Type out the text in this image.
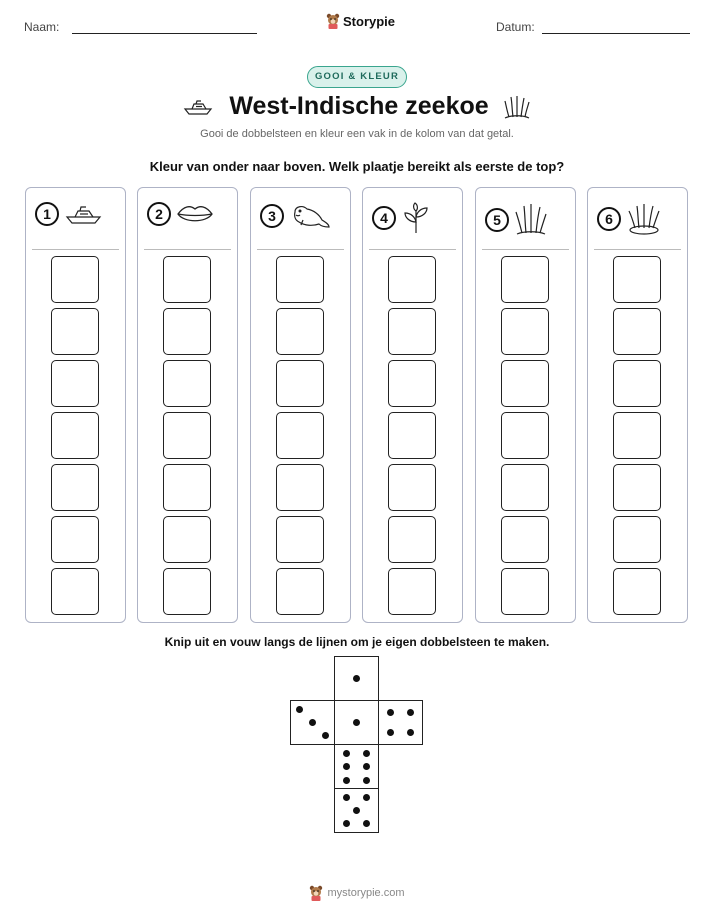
Naam:	Storypie	Datum:
GOOI & KLEUR
West-Indische zeekoe
Gooi de dobbelsteen en kleur een vak in de kolom van dat getal.
Kleur van onder naar boven. Welk plaatje bereikt als eerste de top?
1	2	3	4	5	6
Knip uit en vouw langs de lijnen om je eigen dobbelsteen te maken.
mystorypie.com
